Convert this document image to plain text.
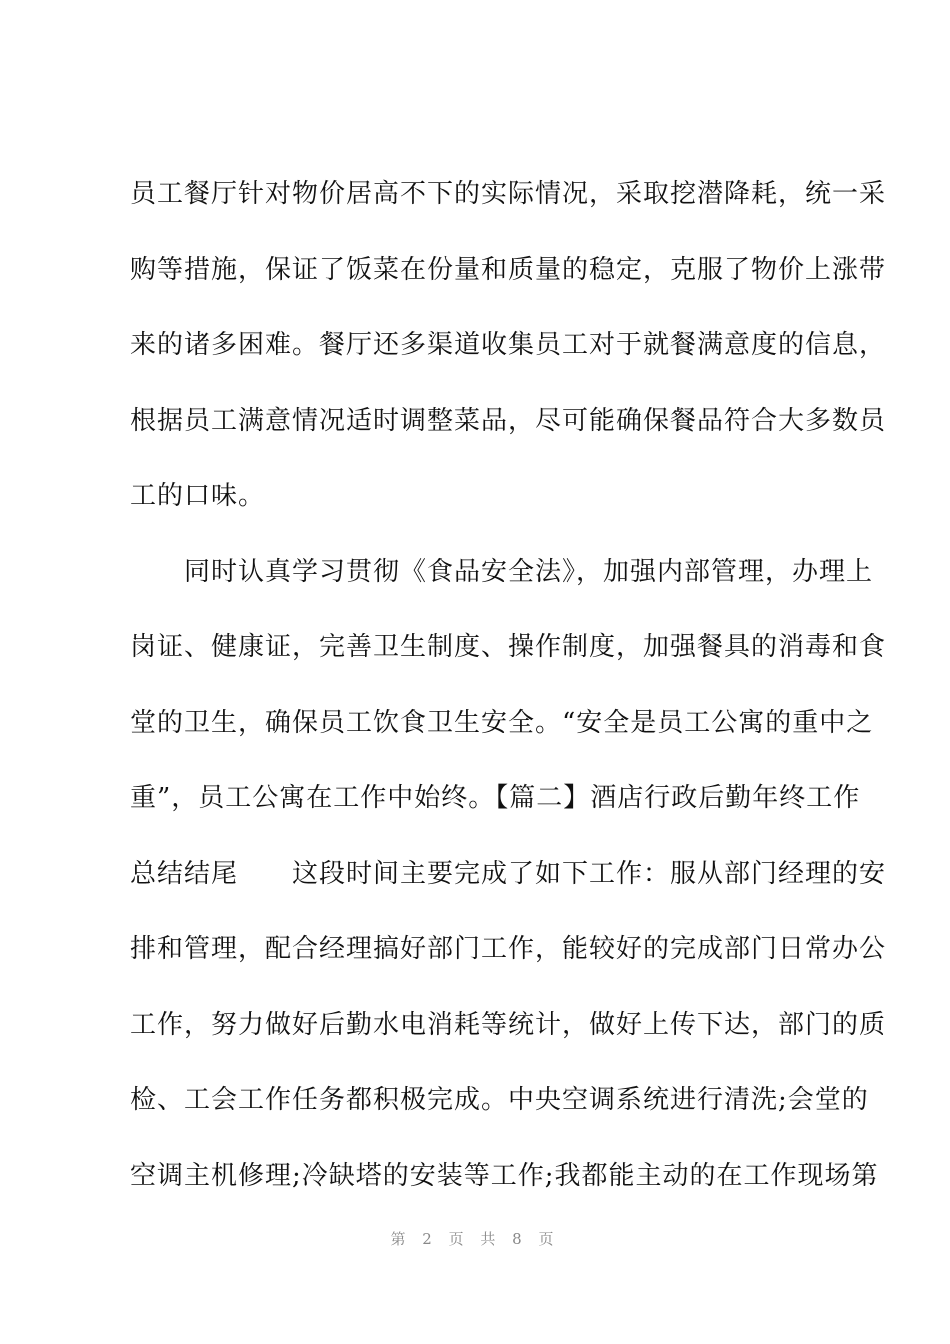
员工餐厅针对物价居高不下的实际情况，采取挖潜降耗，统一采
购等措施，保证了饭菜在份量和质量的稳定，克服了物价上涨带
来的诸多困难。餐厅还多渠道收集员工对于就餐满意度的信息，
根据员工满意情况适时调整菜品，尽可能确保餐品符合大多数员
工的口味。
　　同时认真学习贯彻《食品安全法》，加强内部管理，办理上
岗证、健康证，完善卫生制度、操作制度，加强餐具的消毒和食
堂的卫生，确保员工饮食卫生安全。“安全是员工公寓的重中之
重”，员工公寓在工作中始终。【篇二】酒店行政后勤年终工作
总结结尾　　这段时间主要完成了如下工作：服从部门经理的安
排和管理，配合经理搞好部门工作，能较好的完成部门日常办公
工作，努力做好后勤水电消耗等统计，做好上传下达，部门的质
检、工会工作任务都积极完成。中央空调系统进行清洗;会堂的
空调主机修理;冷缺塔的安装等工作;我都能主动的在工作现场第
第 2 页 共 8 页
